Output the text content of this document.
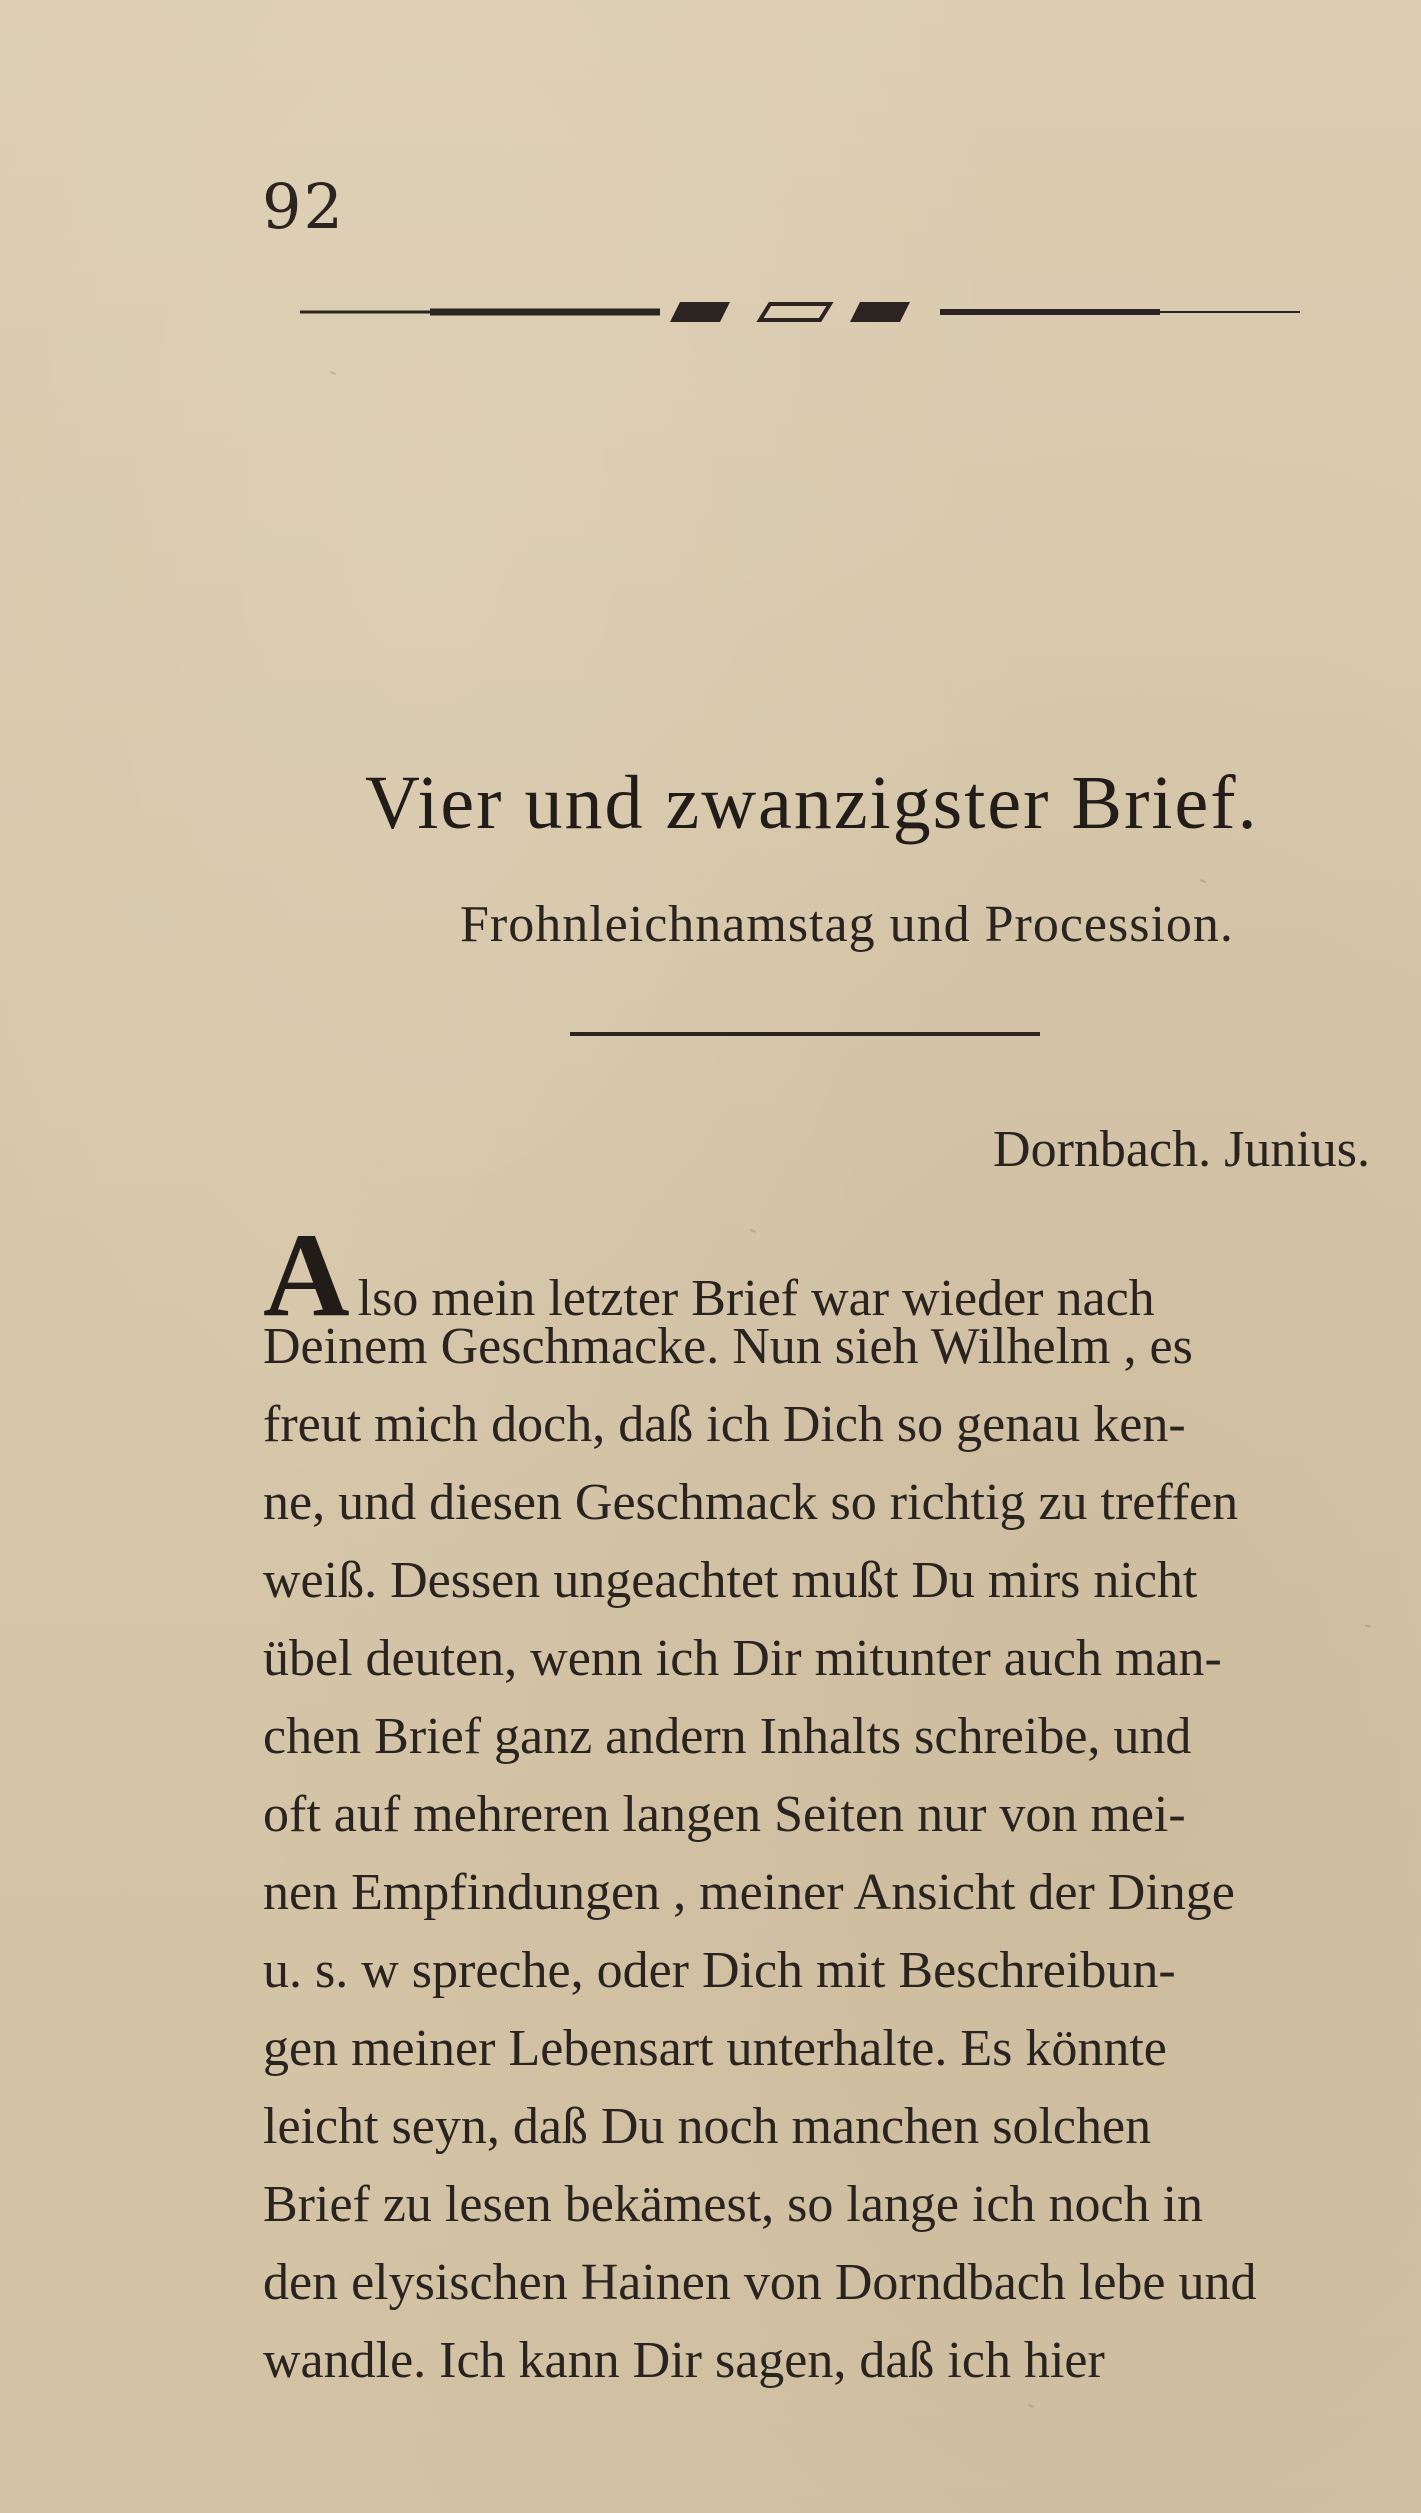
92
Vier und zwanzigster Brief.
Frohnleichnamstag und Procession.
Dornbach. Junius.
Also mein letzter Brief war wieder nach
Deinem Geschmacke. Nun sieh Wilhelm , es
freut mich doch, daß ich Dich so genau ken-
ne, und diesen Geschmack so richtig zu treffen
weiß. Dessen ungeachtet mußt Du mirs nicht
übel deuten, wenn ich Dir mitunter auch man-
chen Brief ganz andern Inhalts schreibe, und
oft auf mehreren langen Seiten nur von mei-
nen Empfindungen , meiner Ansicht der Dinge
u. s. w spreche, oder Dich mit Beschreibun-
gen meiner Lebensart unterhalte. Es könnte
leicht seyn, daß Du noch manchen solchen
Brief zu lesen bekämest, so lange ich noch in
den elysischen Hainen von Dorndbach lebe und
wandle. Ich kann Dir sagen, daß ich hier
